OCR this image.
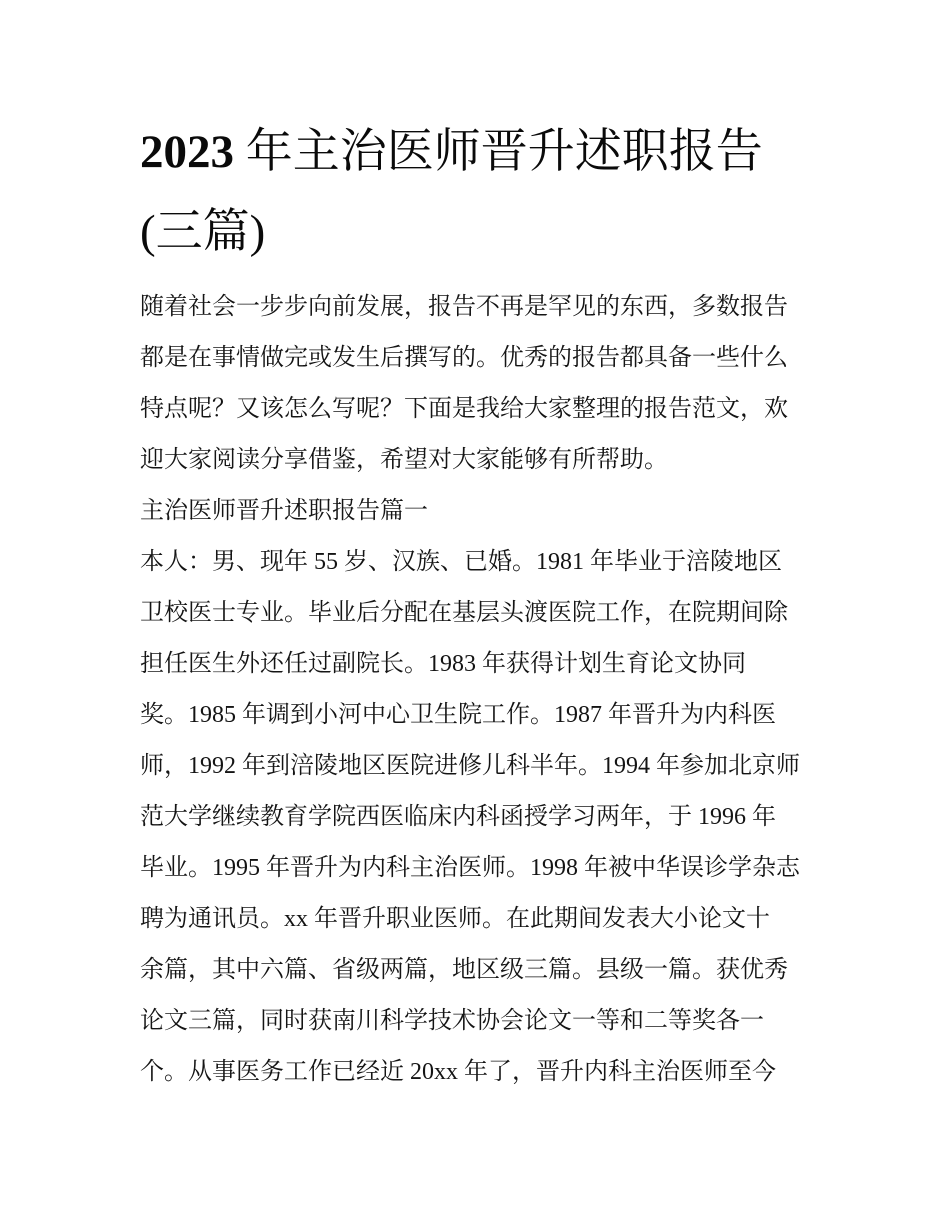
2023 年主治医师晋升述职报告
(三篇)
随着社会一步步向前发展，报告不再是罕见的东西，多数报告
都是在事情做完或发生后撰写的。优秀的报告都具备一些什么
特点呢？又该怎么写呢？下面是我给大家整理的报告范文，欢
迎大家阅读分享借鉴，希望对大家能够有所帮助。
主治医师晋升述职报告篇一
本人：男、现年 55 岁、汉族、已婚。1981 年毕业于涪陵地区
卫校医士专业。毕业后分配在基层头渡医院工作，在院期间除
担任医生外还任过副院长。1983 年获得计划生育论文协同
奖。1985 年调到小河中心卫生院工作。1987 年晋升为内科医
师，1992 年到涪陵地区医院进修儿科半年。1994 年参加北京师
范大学继续教育学院西医临床内科函授学习两年，于 1996 年
毕业。1995 年晋升为内科主治医师。1998 年被中华误诊学杂志
聘为通讯员。xx 年晋升职业医师。在此期间发表大小论文十
余篇，其中六篇、省级两篇，地区级三篇。县级一篇。获优秀
论文三篇，同时获南川科学技术协会论文一等和二等奖各一
个。从事医务工作已经近 20xx 年了，晋升内科主治医师至今
